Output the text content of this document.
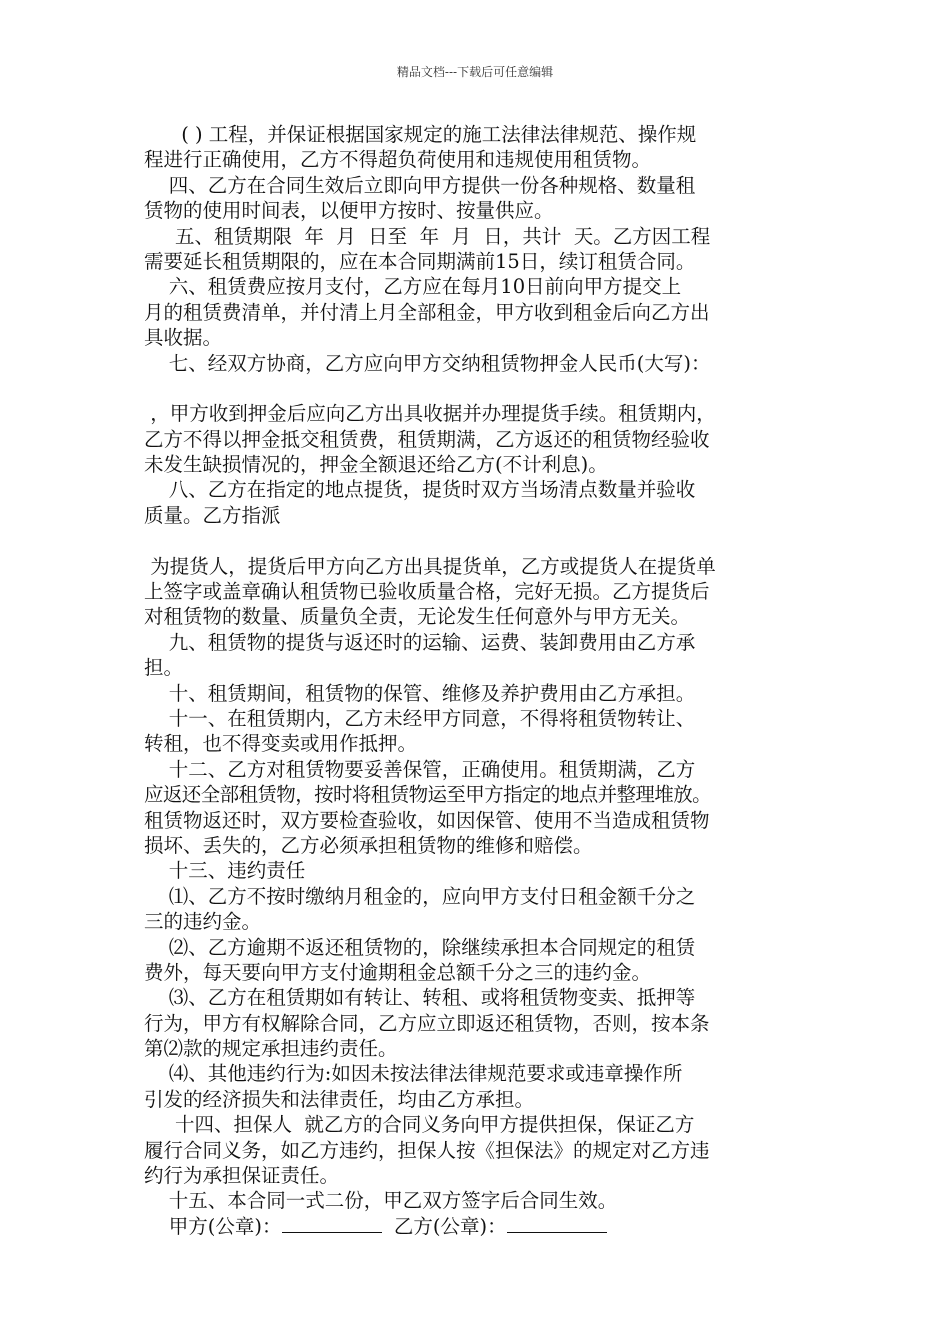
精品文档---下载后可任意编辑
( ) 工程，并保证根据国家规定的施工法律法律规范、操作规
程进行正确使用，乙方不得超负荷使用和违规使用租赁物。
四、乙方在合同生效后立即向甲方提供一份各种规格、数量租
赁物的使用时间表，以便甲方按时、按量供应。
五、租赁期限  年  月  日至  年  月  日，共计  天。乙方因工程
需要延长租赁期限的，应在本合同期满前15日，续订租赁合同。
六、租赁费应按月支付，乙方应在每月10日前向甲方提交上
月的租赁费清单，并付清上月全部租金，甲方收到租金后向乙方出
具收据。
七、经双方协商，乙方应向甲方交纳租赁物押金人民币(大写)：
，甲方收到押金后应向乙方出具收据并办理提货手续。租赁期内，
乙方不得以押金抵交租赁费，租赁期满，乙方返还的租赁物经验收
未发生缺损情况的，押金全额退还给乙方(不计利息)。
八、乙方在指定的地点提货，提货时双方当场清点数量并验收
质量。乙方指派
为提货人，提货后甲方向乙方出具提货单，乙方或提货人在提货单
上签字或盖章确认租赁物已验收质量合格，完好无损。乙方提货后
对租赁物的数量、质量负全责，无论发生任何意外与甲方无关。
九、租赁物的提货与返还时的运输、运费、装卸费用由乙方承
担。
十、租赁期间，租赁物的保管、维修及养护费用由乙方承担。
十一、在租赁期内，乙方未经甲方同意，不得将租赁物转让、
转租，也不得变卖或用作抵押。
十二、乙方对租赁物要妥善保管，正确使用。租赁期满，乙方
应返还全部租赁物，按时将租赁物运至甲方指定的地点并整理堆放。
租赁物返还时，双方要检查验收，如因保管、使用不当造成租赁物
损坏、丢失的，乙方必须承担租赁物的维修和赔偿。
十三、违约责任
⑴、乙方不按时缴纳月租金的，应向甲方支付日租金额千分之
三的违约金。
⑵、乙方逾期不返还租赁物的，除继续承担本合同规定的租赁
费外，每天要向甲方支付逾期租金总额千分之三的违约金。
⑶、乙方在租赁期如有转让、转租、或将租赁物变卖、抵押等
行为，甲方有权解除合同，乙方应立即返还租赁物，否则，按本条
第⑵款的规定承担违约责任。
⑷、其他违约行为:如因未按法律法律规范要求或违章操作所
引发的经济损失和法律责任，均由乙方承担。
十四、担保人  就乙方的合同义务向甲方提供担保，保证乙方
履行合同义务，如乙方违约，担保人按《担保法》的规定对乙方违
约行为承担保证责任。
十五、本合同一式二份，甲乙双方签字后合同生效。
甲方(公章)：	乙方(公章)：
